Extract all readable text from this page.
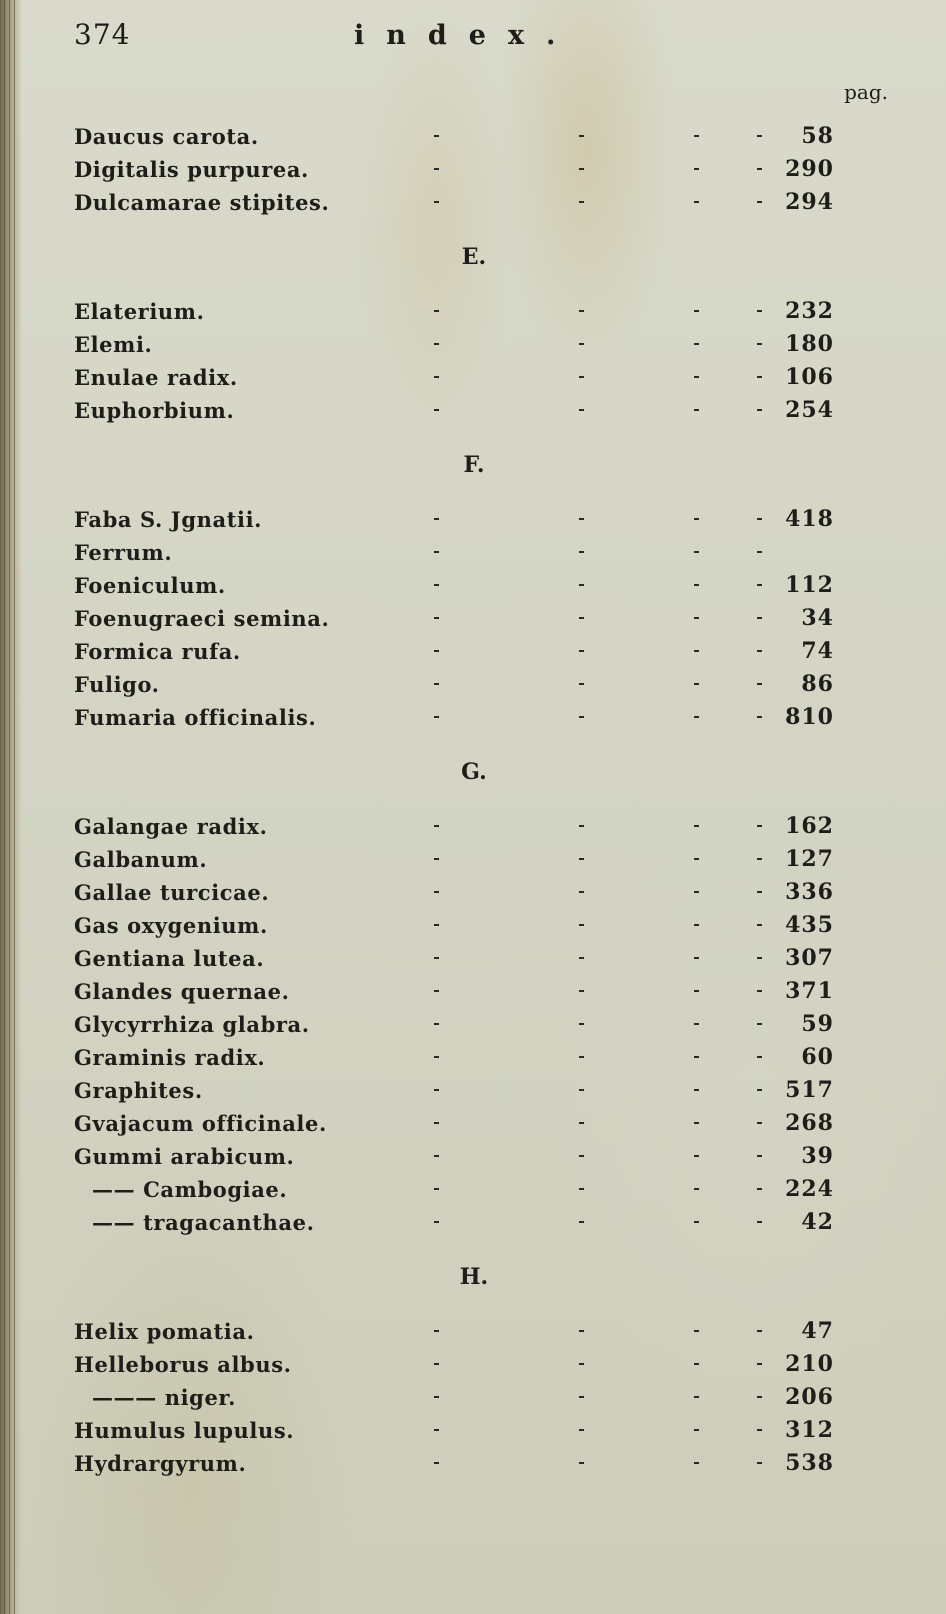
374	index.
pag.
Daucus carota.	58
Digitalis purpurea.	290
Dulcamarae stipites.	294
E.
Elaterium.	232
Elemi.	180
Enulae radix.	106
Euphorbium.	254
F.
Faba S. Jgnatii.	418
Ferrum.
Foeniculum.	112
Foenugraeci semina.	34
Formica rufa.	74
Fuligo.	86
Fumaria officinalis.	810
G.
Galangae radix.	162
Galbanum.	127
Gallae turcicae.	336
Gas oxygenium.	435
Gentiana lutea.	307
Glandes quernae.	371
Glycyrrhiza glabra.	59
Graminis radix.	60
Graphites.	517
Gvajacum officinale.	268
Gummi arabicum.	39
—— Cambogiae.	224
—— tragacanthae.	42
H.
Helix pomatia.	47
Helleborus albus.	210
——— niger.	206
Humulus lupulus.	312
Hydrargyrum.	538
